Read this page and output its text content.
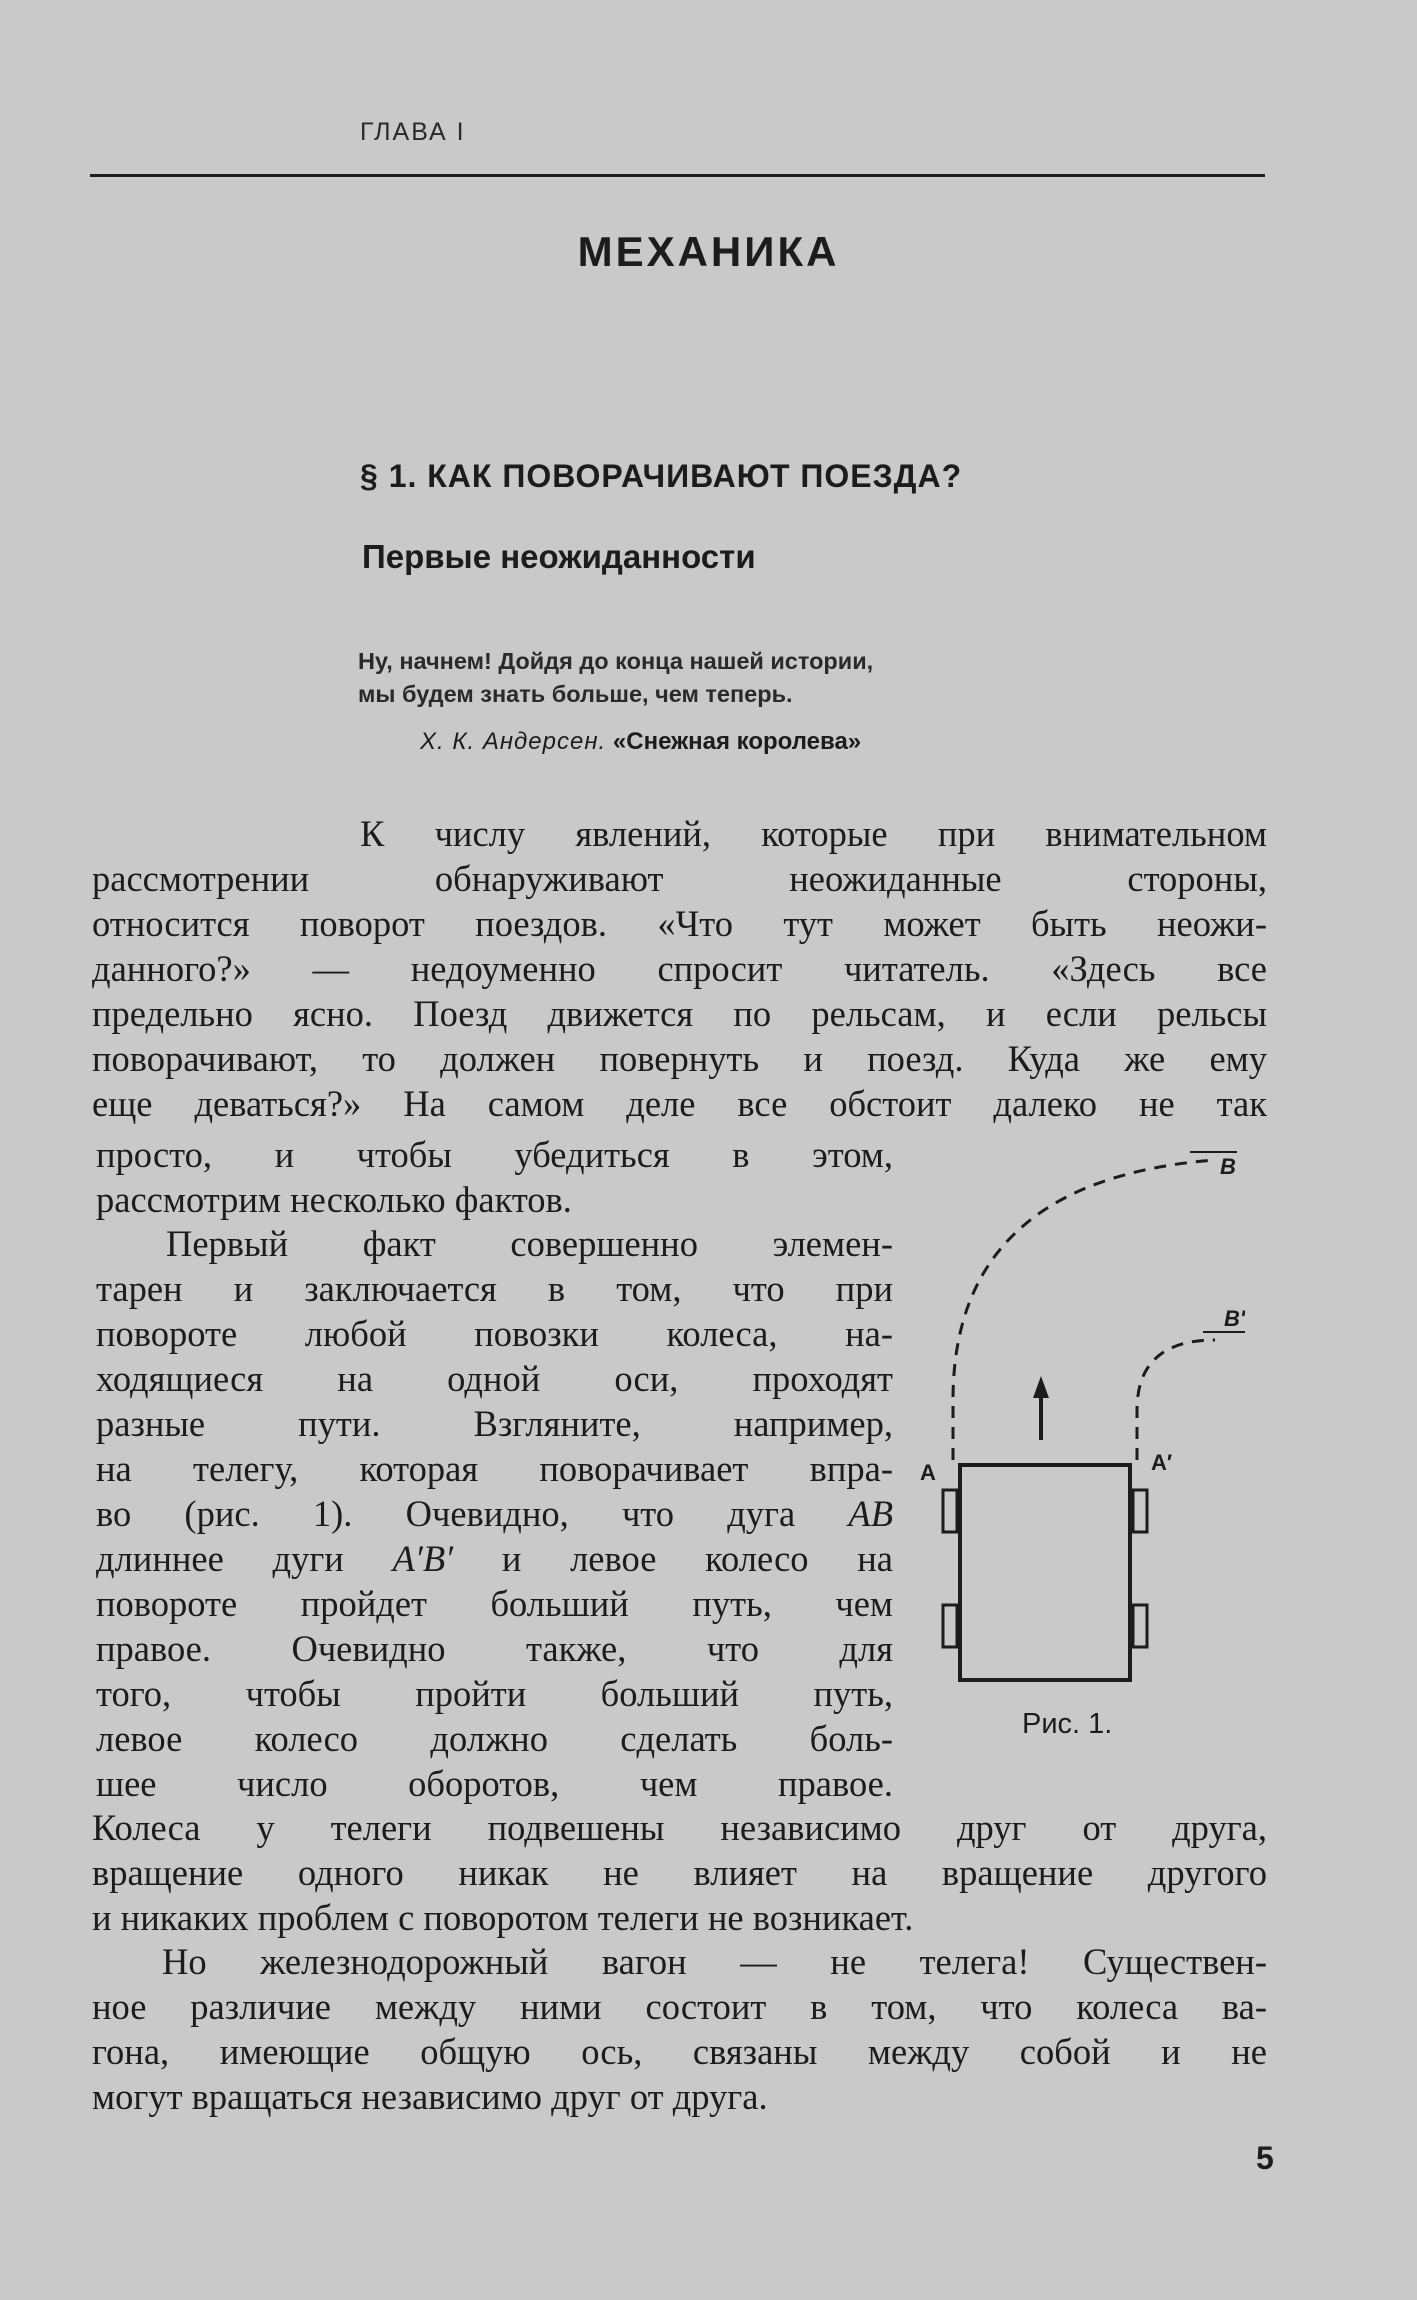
ГЛАВА I
МЕХАНИКА
§ 1. КАК ПОВОРАЧИВАЮТ ПОЕЗДА?
Первые неожиданности
Ну, начнем! Дойдя до конца нашей истории,
мы будем знать больше, чем теперь.
Х. К. Андерсен. «Снежная королева»
К числу явлений, которые при внимательном
рассмотрении обнаруживают неожиданные стороны,
относится поворот поездов. «Что тут может быть неожи-
данного?» — недоуменно спросит читатель. «Здесь все
предельно ясно. Поезд движется по рельсам, и если рельсы
поворачивают, то должен повернуть и поезд. Куда же ему
еще деваться?» На самом деле все обстоит далеко не так
просто, и чтобы убедиться в этом,
рассмотрим несколько фактов.
Первый факт совершенно элемен-
тарен и заключается в том, что при
повороте любой повозки колеса, на-
ходящиеся на одной оси, проходят
разные пути. Взгляните, например,
на телегу, которая поворачивает впра-
во (рис. 1). Очевидно, что дуга AB
длиннее дуги A′B′ и левое колесо на
повороте пройдет больший путь, чем
правое. Очевидно также, что для
того, чтобы пройти больший путь,
левое колесо должно сделать боль-
шее число оборотов, чем правое.
Колеса у телеги подвешены независимо друг от друга,
вращение одного никак не влияет на вращение другого
и никаких проблем с поворотом телеги не возникает.
Но железнодорожный вагон — не телега! Существен-
ное различие между ними состоит в том, что колеса ва-
гона, имеющие общую ось, связаны между собой и не
могут вращаться независимо друг от друга.
A	A′
B
B′
Рис. 1.
5
